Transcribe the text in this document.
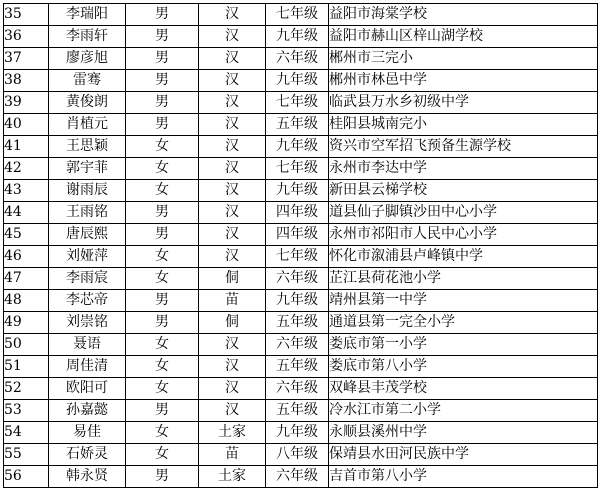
35	李瑞阳	男	汉	七年级	益阳市海棠学校
36	李雨轩	男	汉	九年级	益阳市赫山区梓山湖学校
37	廖彦旭	男	汉	六年级	郴州市三完小
38	雷骞	男	汉	九年级	郴州市林邑中学
39	黄俊朗	男	汉	七年级	临武县万水乡初级中学
40	肖植元	男	汉	五年级	桂阳县城南完小
41	王思颖	女	汉	九年级	资兴市空军招飞预备生源学校
42	郭宇菲	女	汉	七年级	永州市李达中学
43	谢雨辰	女	汉	九年级	新田县云梯学校
44	王雨铭	男	汉	四年级	道县仙子脚镇沙田中心小学
45	唐辰熙	男	汉	四年级	永州市祁阳市人民中心小学
46	刘娅萍	女	汉	七年级	怀化市溆浦县卢峰镇中学
47	李雨宸	女	侗	六年级	芷江县荷花池小学
48	李芯帝	男	苗	九年级	靖州县第一中学
49	刘崇铭	男	侗	五年级	通道县第一完全小学
50	聂语	女	汉	六年级	娄底市第一小学
51	周佳清	女	汉	五年级	娄底市第八小学
52	欧阳可	女	汉	六年级	双峰县丰茂学校
53	孙嘉懿	男	汉	五年级	冷水江市第二小学
54	易佳	女	土家	九年级	永顺县溪州中学
55	石娇灵	女	苗	八年级	保靖县水田河民族中学
56	韩永贤	男	土家	六年级	吉首市第八小学
